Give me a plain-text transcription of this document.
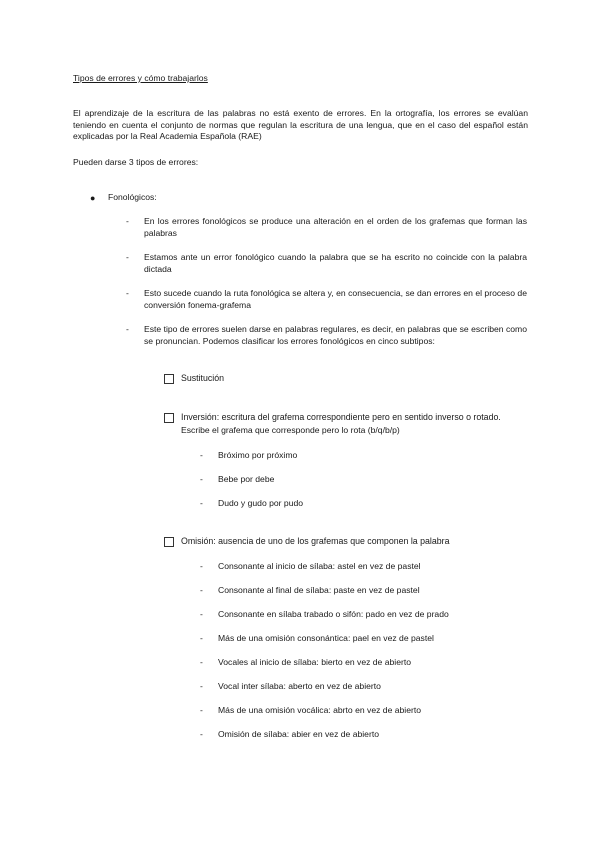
Tipos de errores y cómo trabajarlos
El aprendizaje de la escritura de las palabras no está exento de errores. En la ortografía, los errores se evalúan teniendo en cuenta el conjunto de normas que regulan la escritura de una lengua, que en el caso del español están explicadas por la Real Academia Española (RAE)
Pueden darse 3 tipos de errores:
● Fonológicos:
- En los errores fonológicos se produce una alteración en el orden de los grafemas que forman las palabras
- Estamos ante un error fonológico cuando la palabra que se ha escrito no coincide con la palabra dictada
- Esto sucede cuando la ruta fonológica se altera y, en consecuencia, se dan errores en el proceso de conversión fonema-grafema
- Este tipo de errores suelen darse en palabras regulares, es decir, en palabras que se escriben como se pronuncian. Podemos clasificar los errores fonológicos en cinco subtipos:
Sustitución
Inversión: escritura del grafema correspondiente pero en sentido inverso o rotado.
Escribe el grafema que corresponde pero lo rota (b/q/b/p)
- Bróximo por próximo
- Bebe por debe
- Dudo y gudo por pudo
Omisión: ausencia de uno de los grafemas que componen la palabra
- Consonante al inicio de sílaba: astel en vez de pastel
- Consonante al final de sílaba: paste en vez de pastel
- Consonante en sílaba trabado o sifón: pado en vez de prado
- Más de una omisión consonántica: pael en vez de pastel
- Vocales al inicio de sílaba: bierto en vez de abierto
- Vocal inter sílaba: aberto en vez de abierto
- Más de una omisión vocálica: abrto en vez de abierto
- Omisión de sílaba: abier en vez de abierto
